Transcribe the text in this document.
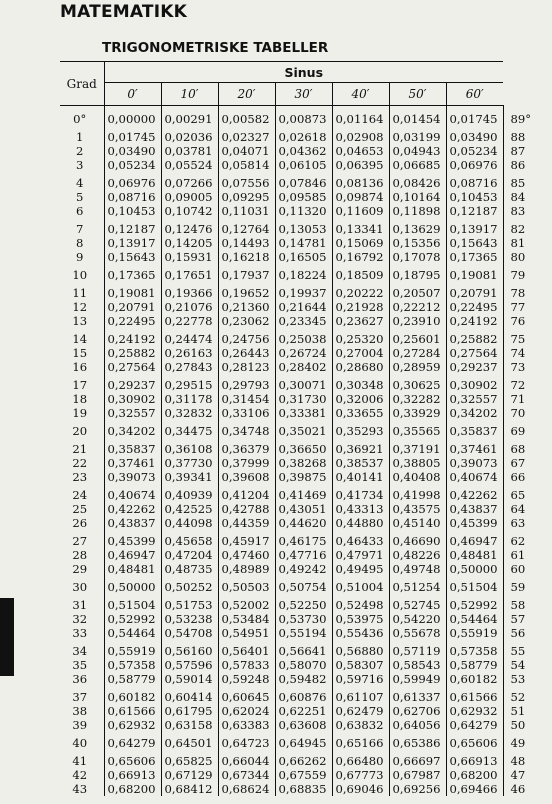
MATEMATIKK
TRIGONOMETRISKE TABELLER
Grad	Sinus							
	0′	10′	20′	30′	40′	50′	60′	
0°	0,00000	0,00291	0,00582	0,00873	0,01164	0,01454	0,01745	89°
1	0,01745	0,02036	0,02327	0,02618	0,02908	0,03199	0,03490	88
2	0,03490	0,03781	0,04071	0,04362	0,04653	0,04943	0,05234	87
3	0,05234	0,05524	0,05814	0,06105	0,06395	0,06685	0,06976	86
4	0,06976	0,07266	0,07556	0,07846	0,08136	0,08426	0,08716	85
5	0,08716	0,09005	0,09295	0,09585	0,09874	0,10164	0,10453	84
6	0,10453	0,10742	0,11031	0,11320	0,11609	0,11898	0,12187	83
7	0,12187	0,12476	0,12764	0,13053	0,13341	0,13629	0,13917	82
8	0,13917	0,14205	0,14493	0,14781	0,15069	0,15356	0,15643	81
9	0,15643	0,15931	0,16218	0,16505	0,16792	0,17078	0,17365	80
10	0,17365	0,17651	0,17937	0,18224	0,18509	0,18795	0,19081	79
11	0,19081	0,19366	0,19652	0,19937	0,20222	0,20507	0,20791	78
12	0,20791	0,21076	0,21360	0,21644	0,21928	0,22212	0,22495	77
13	0,22495	0,22778	0,23062	0,23345	0,23627	0,23910	0,24192	76
14	0,24192	0,24474	0,24756	0,25038	0,25320	0,25601	0,25882	75
15	0,25882	0,26163	0,26443	0,26724	0,27004	0,27284	0,27564	74
16	0,27564	0,27843	0,28123	0,28402	0,28680	0,28959	0,29237	73
17	0,29237	0,29515	0,29793	0,30071	0,30348	0,30625	0,30902	72
18	0,30902	0,31178	0,31454	0,31730	0,32006	0,32282	0,32557	71
19	0,32557	0,32832	0,33106	0,33381	0,33655	0,33929	0,34202	70
20	0,34202	0,34475	0,34748	0,35021	0,35293	0,35565	0,35837	69
21	0,35837	0,36108	0,36379	0,36650	0,36921	0,37191	0,37461	68
22	0,37461	0,37730	0,37999	0,38268	0,38537	0,38805	0,39073	67
23	0,39073	0,39341	0,39608	0,39875	0,40141	0,40408	0,40674	66
24	0,40674	0,40939	0,41204	0,41469	0,41734	0,41998	0,42262	65
25	0,42262	0,42525	0,42788	0,43051	0,43313	0,43575	0,43837	64
26	0,43837	0,44098	0,44359	0,44620	0,44880	0,45140	0,45399	63
27	0,45399	0,45658	0,45917	0,46175	0,46433	0,46690	0,46947	62
28	0,46947	0,47204	0,47460	0,47716	0,47971	0,48226	0,48481	61
29	0,48481	0,48735	0,48989	0,49242	0,49495	0,49748	0,50000	60
30	0,50000	0,50252	0,50503	0,50754	0,51004	0,51254	0,51504	59
31	0,51504	0,51753	0,52002	0,52250	0,52498	0,52745	0,52992	58
32	0,52992	0,53238	0,53484	0,53730	0,53975	0,54220	0,54464	57
33	0,54464	0,54708	0,54951	0,55194	0,55436	0,55678	0,55919	56
34	0,55919	0,56160	0,56401	0,56641	0,56880	0,57119	0,57358	55
35	0,57358	0,57596	0,57833	0,58070	0,58307	0,58543	0,58779	54
36	0,58779	0,59014	0,59248	0,59482	0,59716	0,59949	0,60182	53
37	0,60182	0,60414	0,60645	0,60876	0,61107	0,61337	0,61566	52
38	0,61566	0,61795	0,62024	0,62251	0,62479	0,62706	0,62932	51
39	0,62932	0,63158	0,63383	0,63608	0,63832	0,64056	0,64279	50
40	0,64279	0,64501	0,64723	0,64945	0,65166	0,65386	0,65606	49
41	0,65606	0,65825	0,66044	0,66262	0,66480	0,66697	0,66913	48
42	0,66913	0,67129	0,67344	0,67559	0,67773	0,67987	0,68200	47
43	0,68200	0,68412	0,68624	0,68835	0,69046	0,69256	0,69466	46
